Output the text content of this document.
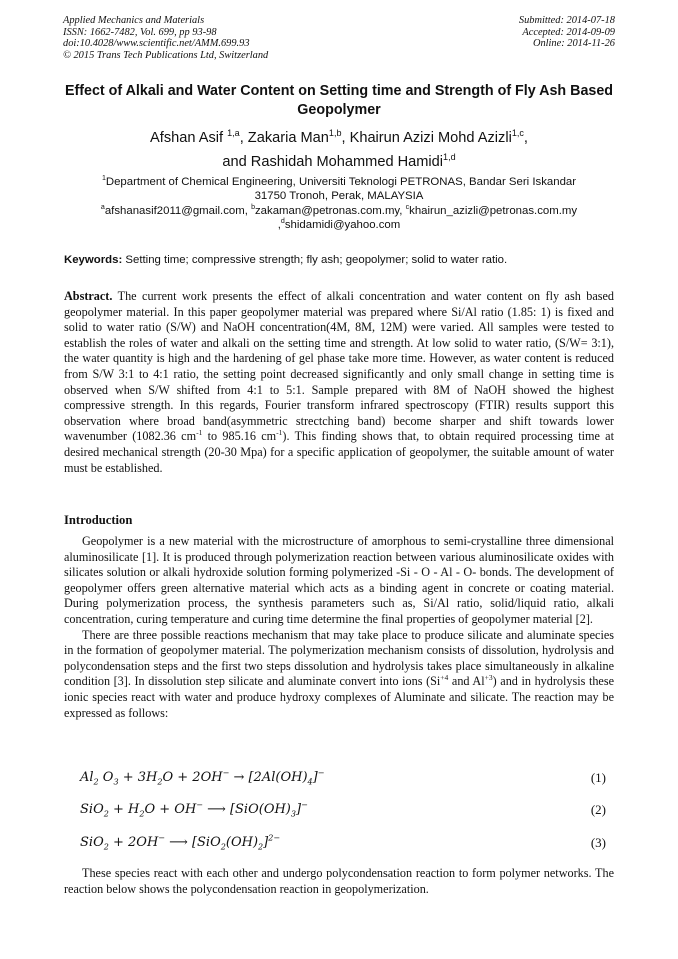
Applied Mechanics and Materials
ISSN: 1662-7482, Vol. 699, pp 93-98
doi:10.4028/www.scientific.net/AMM.699.93
© 2015 Trans Tech Publications Ltd, Switzerland
Submitted: 2014-07-18
Accepted: 2014-09-09
Online: 2014-11-26
Effect of Alkali and Water Content on Setting time and Strength of Fly Ash Based Geopolymer
Afshan Asif $^{1,a}$, Zakaria Man$^{1,b}$, Khairun Azizi Mohd Azizli$^{1,c}$,
and Rashidah Mohammed Hamidi$^{1,d}$
$^1$Department of Chemical Engineering, Universiti Teknologi PETRONAS, Bandar Seri Iskandar
31750 Tronoh, Perak, MALAYSIA
$^a$afshanasif2011@gmail.com, $^b$zakaman@petronas.com.my, $^c$khairun_azizli@petronas.com.my
,$^d$shidamidi@yahoo.com
Keywords: Setting time; compressive strength; fly ash; geopolymer; solid to water ratio.
Abstract. The current work presents the effect of alkali concentration and water content on fly ash based geopolymer material. In this paper geopolymer material was prepared where Si/Al ratio (1.85: 1) is fixed and solid to water ratio (S/W) and NaOH concentration(4M, 8M, 12M) were varied. All samples were tested to establish the roles of water and alkali on the setting time and strength. At low solid to water ratio, (S/W= 3:1), the water quantity is high and the hardening of gel phase take more time. However, as water content is reduced from S/W 3:1 to 4:1 ratio, the setting point decreased significantly and only small change in setting time is observed when S/W shifted from 4:1 to 5:1. Sample prepared with 8M of NaOH showed the highest compressive strength. In this regards, Fourier transform infrared spectroscopy (FTIR) results support this observation where broad band(asymmetric strectching band) become sharper and shift towards lower wavenumber (1082.36 $cm^{-1}$ to 985.16 $cm^{-1}$). This finding shows that, to obtain required processing time at desired mechanical strength (20-30 Mpa) for a specific application of geopolymer, the suitable amount of water must be established.
Introduction

Geopolymer is a new material with the microstructure of amorphous to semi-crystalline three dimensional aluminosilicate [1]. It is produced through polymerization reaction between various aluminosilicate oxides with silicates solution or alkali hydroxide solution forming polymerized -Si - O - Al - O- bonds. The development of geopolymer offers green alternative material which acts as a binding agent in concrete or coating material. During polymerization process, the synthesis parameters such as, Si/Al ratio, solid/liquid ratio, alkali concentration, curing temperature and curing time determine the final properties of geopolymer material [2].

There are three possible reactions mechanism that may take place to produce silicate and aluminate species in the formation of geopolymer material. The polymerization mechanism consists of dissolution, hydrolysis and polycondensation steps and the first two steps dissolution and hydrolysis takes place simultaneously in alkaline condition [3]. In dissolution step silicate and aluminate convert into ions ($Si^{+4}$ and $Al^{+3}$) and in hydrolysis these ionic species react with water and produce hydroxy complexes of Aluminate and silicate. The reaction may be expressed as follows:

$Al_2$ $O_3 + 3H_2O + 2OH^- \to [2Al(OH)_4]^-$	(1)
$SiO_2 + H_2O + OH^-$ ⟶ $[SiO(OH)_3]^-$	(2)
SiO$_2$ + 2OH− ⟶ $[SiO_2(OH)_2]^{2-}$	(3)
These species react with each other and undergo polycondensation reaction to form polymer networks. The reaction below shows the polycondensation reaction in geopolymerization.
